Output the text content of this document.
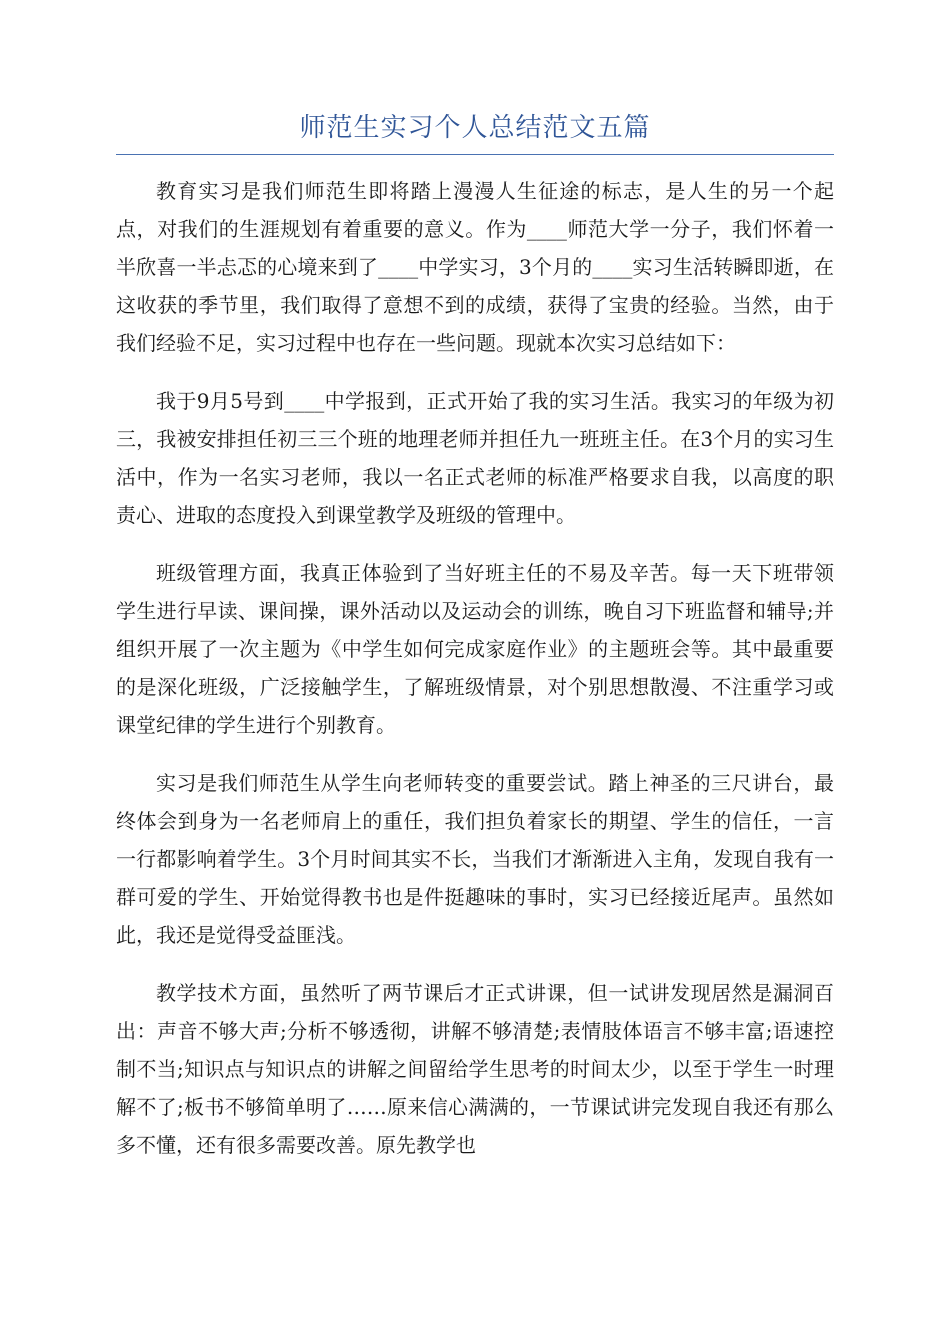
师范生实习个人总结范文五篇

教育实习是我们师范生即将踏上漫漫人生征途的标志，是人生的另一个起点，对我们的生涯规划有着重要的意义。作为____师范大学一分子，我们怀着一半欣喜一半忐忑的心境来到了____中学实习，3个月的____实习生活转瞬即逝，在这收获的季节里，我们取得了意想不到的成绩，获得了宝贵的经验。当然，由于我们经验不足，实习过程中也存在一些问题。现就本次实习总结如下：

我于9月5号到____中学报到，正式开始了我的实习生活。我实习的年级为初三，我被安排担任初三三个班的地理老师并担任九一班班主任。在3个月的实习生活中，作为一名实习老师，我以一名正式老师的标准严格要求自我，以高度的职责心、进取的态度投入到课堂教学及班级的管理中。

班级管理方面，我真正体验到了当好班主任的不易及辛苦。每一天下班带领学生进行早读、课间操，课外活动以及运动会的训练，晚自习下班监督和辅导;并组织开展了一次主题为《中学生如何完成家庭作业》的主题班会等。其中最重要的是深化班级，广泛接触学生，了解班级情景，对个别思想散漫、不注重学习或课堂纪律的学生进行个别教育。

实习是我们师范生从学生向老师转变的重要尝试。踏上神圣的三尺讲台，最终体会到身为一名老师肩上的重任，我们担负着家长的期望、学生的信任，一言一行都影响着学生。3个月时间其实不长，当我们才渐渐进入主角，发现自我有一群可爱的学生、开始觉得教书也是件挺趣味的事时，实习已经接近尾声。虽然如此，我还是觉得受益匪浅。

教学技术方面，虽然听了两节课后才正式讲课，但一试讲发现居然是漏洞百出：声音不够大声;分析不够透彻，讲解不够清楚;表情肢体语言不够丰富;语速控制不当;知识点与知识点的讲解之间留给学生思考的时间太少，以至于学生一时理解不了;板书不够简单明了……原来信心满满的，一节课试讲完发现自我还有那么多不懂，还有很多需要改善。原先教学也
